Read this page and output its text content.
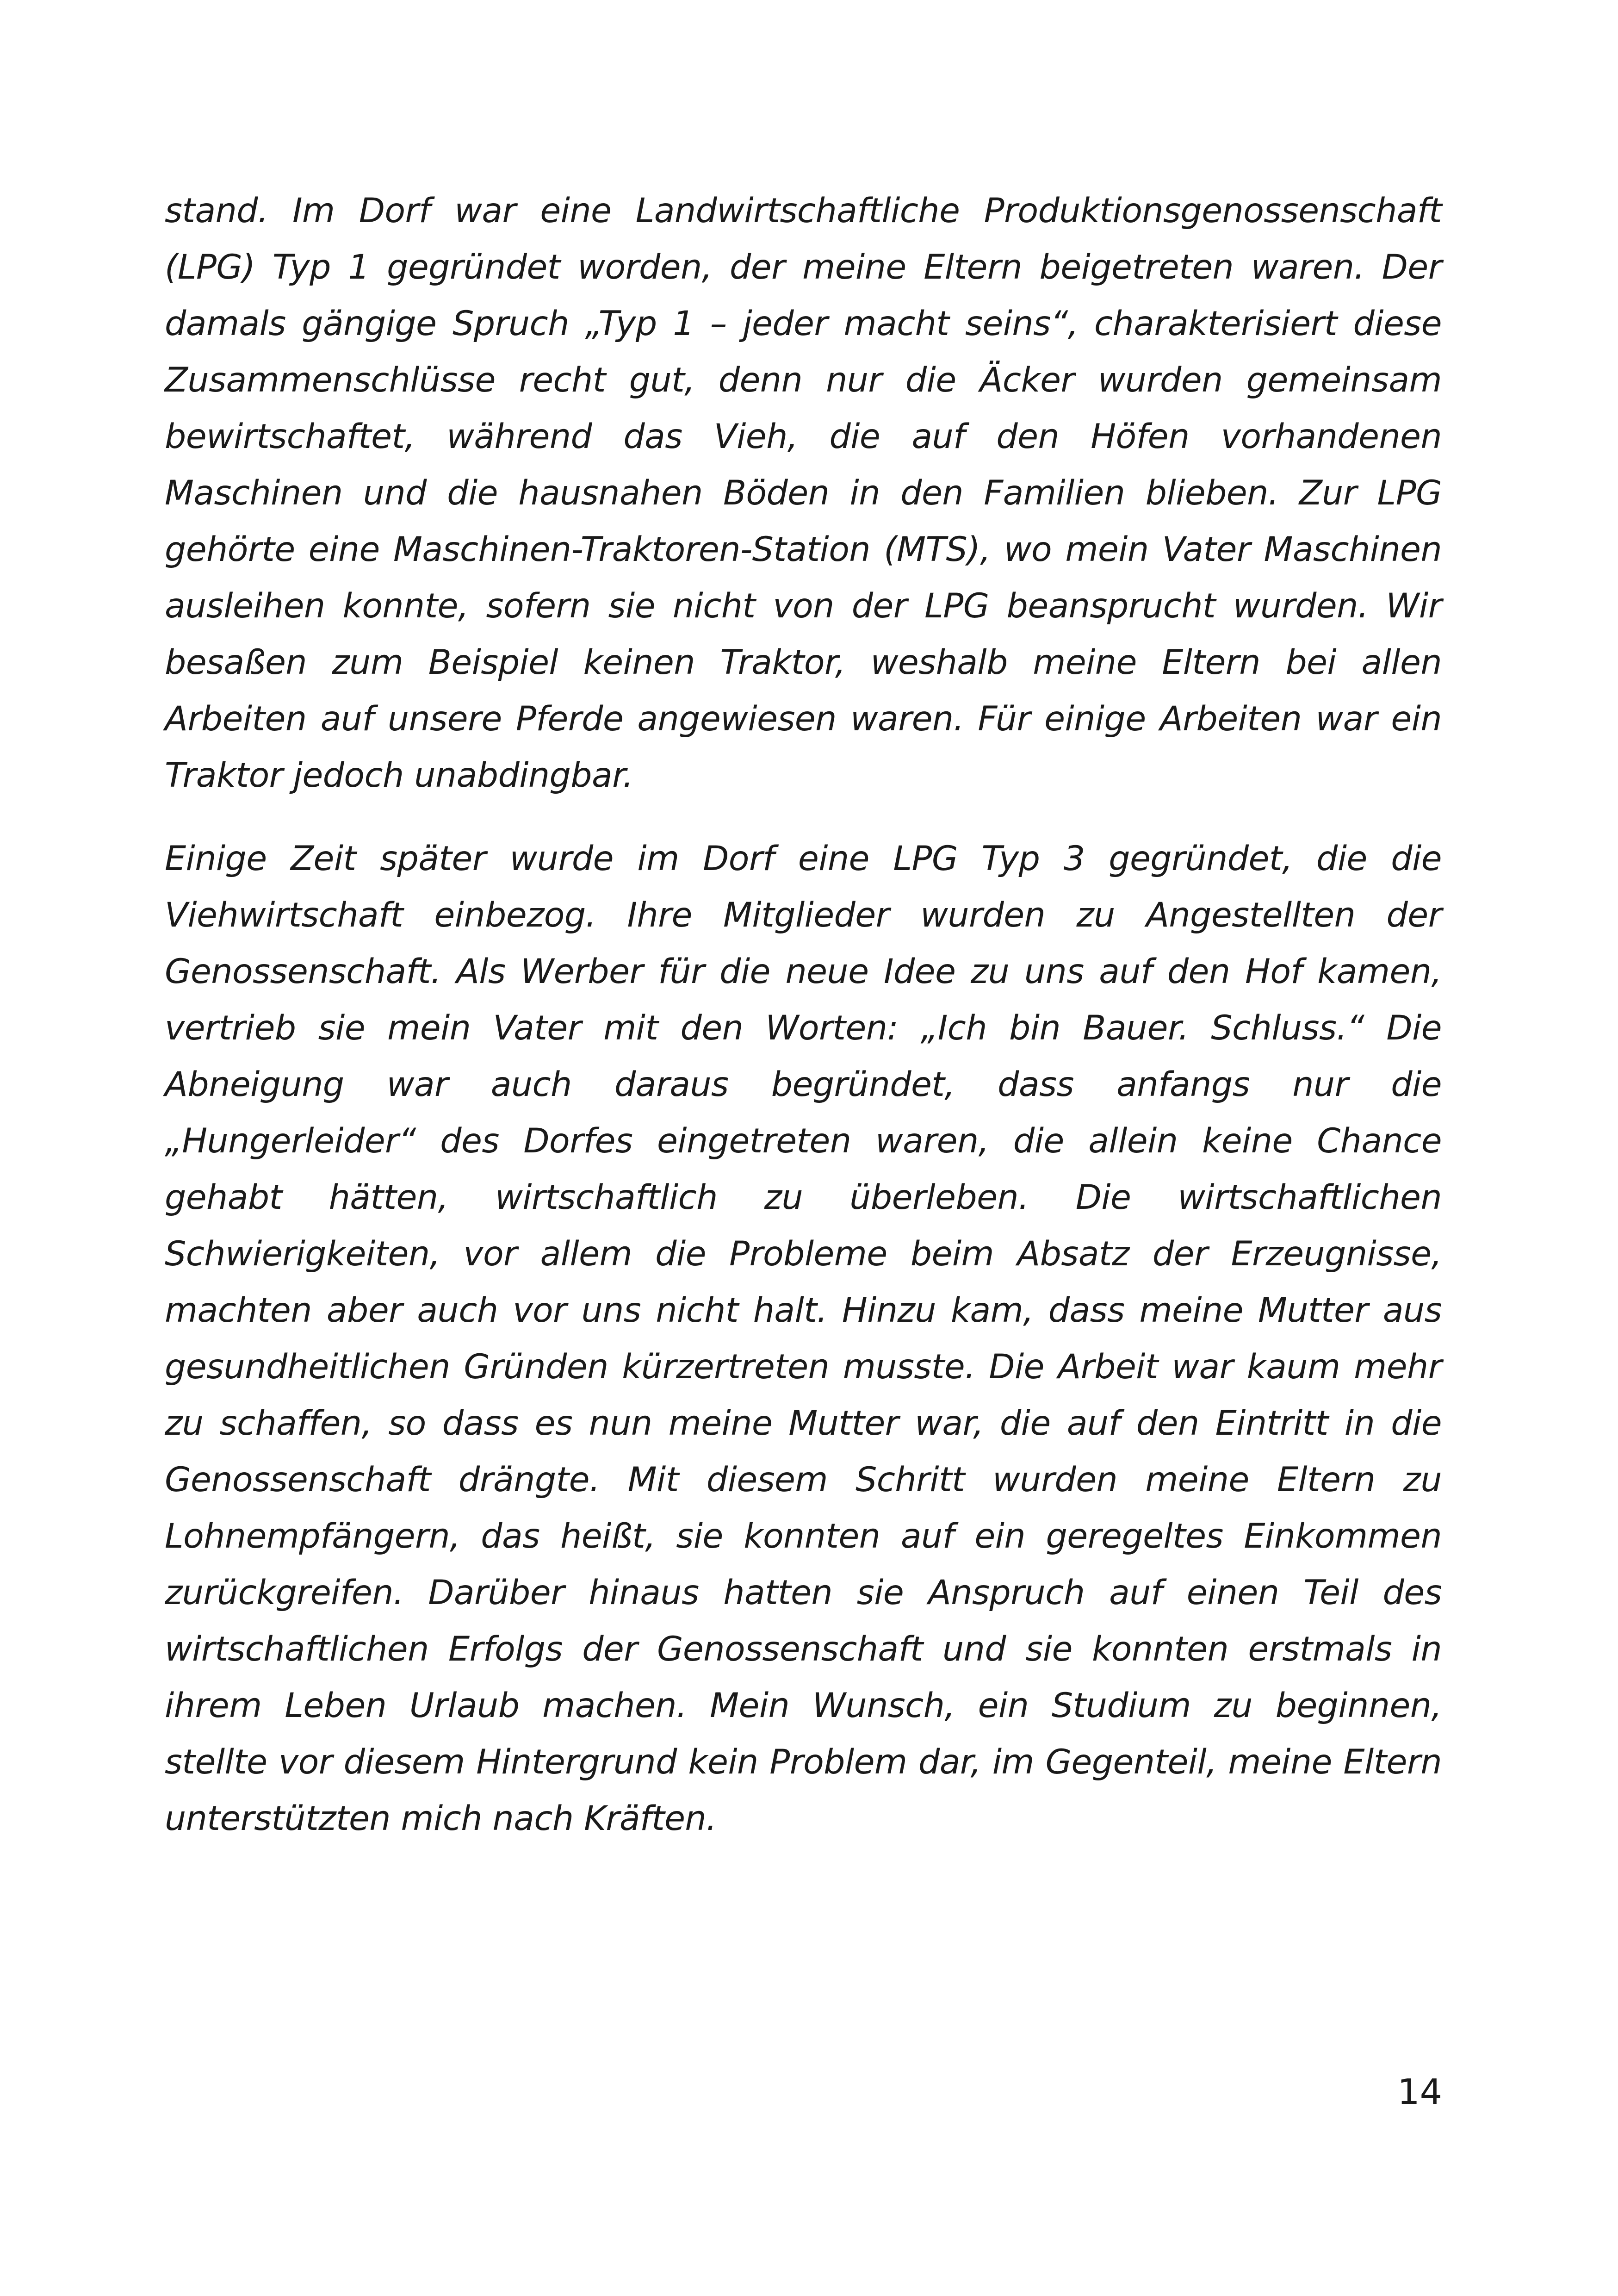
stand. Im Dorf war eine Landwirtschaftliche Produktionsgenossenschaft (LPG) Typ 1 gegründet worden, der meine Eltern beigetreten waren. Der damals gängige Spruch „Typ 1 – jeder macht seins“, charakterisiert diese Zusammenschlüsse recht gut, denn nur die Äcker wurden gemeinsam bewirtschaftet, während das Vieh, die auf den Höfen vorhandenen Maschinen und die hausnahen Böden in den Familien blieben. Zur LPG gehörte eine Maschinen-Traktoren-Station (MTS), wo mein Vater Maschinen ausleihen konnte, sofern sie nicht von der LPG beansprucht wurden. Wir besaßen zum Beispiel keinen Traktor, weshalb meine Eltern bei allen Arbeiten auf unsere Pferde angewiesen waren. Für einige Arbeiten war ein Traktor jedoch unabdingbar.

Einige Zeit später wurde im Dorf eine LPG Typ 3 gegründet, die die Viehwirtschaft einbezog. Ihre Mitglieder wurden zu Angestellten der Genossenschaft. Als Werber für die neue Idee zu uns auf den Hof kamen, vertrieb sie mein Vater mit den Worten: „Ich bin Bauer. Schluss.“ Die Abneigung war auch daraus begründet, dass anfangs nur die „Hungerleider“ des Dorfes eingetreten waren, die allein keine Chance gehabt hätten, wirtschaftlich zu überleben. Die wirtschaftlichen Schwierigkeiten, vor allem die Probleme beim Absatz der Erzeugnisse, machten aber auch vor uns nicht halt. Hinzu kam, dass meine Mutter aus gesundheitlichen Gründen kürzertreten musste. Die Arbeit war kaum mehr zu schaffen, so dass es nun meine Mutter war, die auf den Eintritt in die Genossenschaft drängte. Mit diesem Schritt wurden meine Eltern zu Lohnempfängern, das heißt, sie konnten auf ein geregeltes Einkommen zurückgreifen. Darüber hinaus hatten sie Anspruch auf einen Teil des wirtschaftlichen Erfolgs der Genossenschaft und sie konnten erstmals in ihrem Leben Urlaub machen. Mein Wunsch, ein Studium zu beginnen, stellte vor diesem Hintergrund kein Problem dar, im Gegenteil, meine Eltern unterstützten mich nach Kräften.

14
